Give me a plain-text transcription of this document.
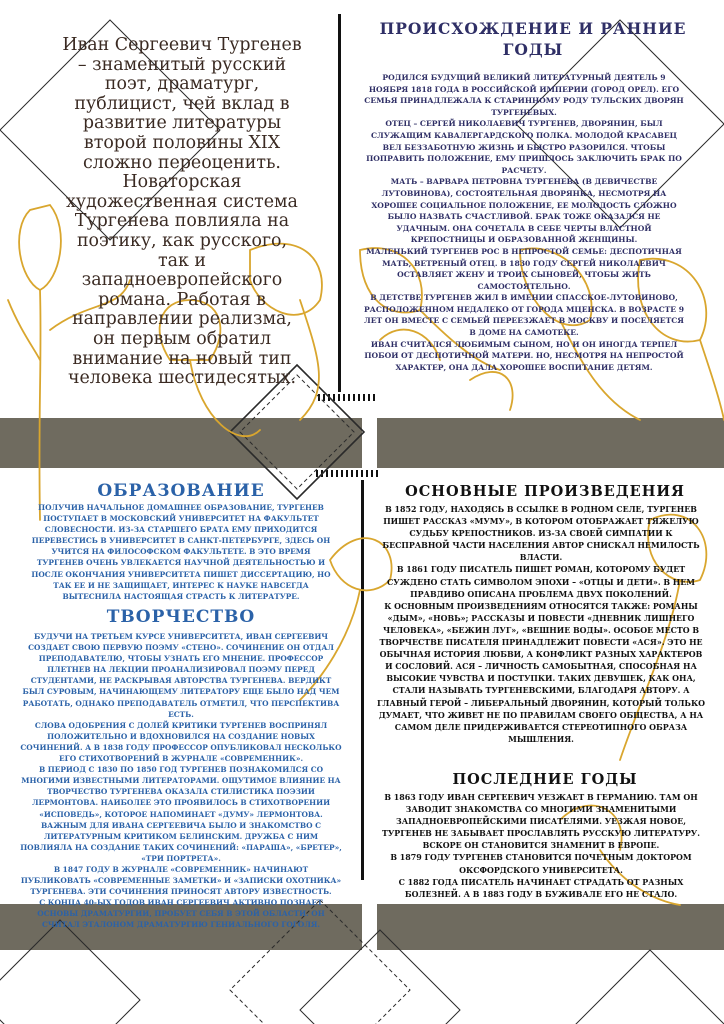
Иван Сергеевич Тургенев – знаменитый русский поэт, драматург, публицист, чей вклад в развитие литературы второй половины XIX сложно переоценить. Новаторская художественная система Тургенева повлияла на поэтику, как русского, так и западноевропейского романа. Работая в направлении реализма, он первым обратил внимание на новый тип человека шестидесятых.
ПРОИСХОЖДЕНИЕ И РАННИЕ ГОДЫ

РОДИЛСЯ БУДУЩИЙ ВЕЛИКИЙ ЛИТЕРАТУРНЫЙ ДЕЯТЕЛЬ 9 НОЯБРЯ 1818 ГОДА В РОССИЙСКОЙ ИМПЕРИИ (ГОРОД ОРЕЛ). ЕГО СЕМЬЯ ПРИНАДЛЕЖАЛА К СТАРИННОМУ РОДУ ТУЛЬСКИХ ДВОРЯН ТУРГЕНЕВЫХ.

ОТЕЦ – СЕРГЕЙ НИКОЛАЕВИЧ ТУРГЕНЕВ, ДВОРЯНИН, БЫЛ СЛУЖАЩИМ КАВАЛЕРГАРДСКОГО ПОЛКА. МОЛОДОЙ КРАСАВЕЦ ВЕЛ БЕЗЗАБОТНУЮ ЖИЗНЬ И БЫСТРО РАЗОРИЛСЯ. ЧТОБЫ ПОПРАВИТЬ ПОЛОЖЕНИЕ, ЕМУ ПРИШЛОСЬ ЗАКЛЮЧИТЬ БРАК ПО РАСЧЕТУ.

МАТЬ – ВАРВАРА ПЕТРОВНА ТУРГЕНЕВА (В ДЕВИЧЕСТВЕ ЛУТОВИНОВА), СОСТОЯТЕЛЬНАЯ ДВОРЯНКА, НЕСМОТРЯ НА ХОРОШЕЕ СОЦИАЛЬНОЕ ПОЛОЖЕНИЕ, ЕЕ МОЛОДОСТЬ СЛОЖНО БЫЛО НАЗВАТЬ СЧАСТЛИВОЙ. БРАК ТОЖЕ ОКАЗАЛСЯ НЕ УДАЧНЫМ. ОНА СОЧЕТАЛА В СЕБЕ ЧЕРТЫ ВЛАСТНОЙ КРЕПОСТНИЦЫ И ОБРАЗОВАННОЙ ЖЕНЩИНЫ.

МАЛЕНЬКИЙ ТУРГЕНЕВ РОС В НЕПРОСТОЙ СЕМЬЕ: ДЕСПОТИЧНАЯ МАТЬ, ВЕТРЕНЫЙ ОТЕЦ. В 1830 ГОДУ СЕРГЕЙ НИКОЛАЕВИЧ ОСТАВЛЯЕТ ЖЕНУ И ТРОИХ СЫНОВЕЙ, ЧТОБЫ ЖИТЬ САМОСТОЯТЕЛЬНО.

В ДЕТСТВЕ ТУРГЕНЕВ ЖИЛ В ИМЕНИИ СПАССКОЕ-ЛУТОВИНОВО, РАСПОЛОЖЕННОМ НЕДАЛЕКО ОТ ГОРОДА МЦЕНСКА. В ВОЗРАСТЕ 9 ЛЕТ ОН ВМЕСТЕ С СЕМЬЕЙ ПЕРЕЕЗЖАЕТ В МОСКВУ И ПОСЕЛЯЕТСЯ В ДОМЕ НА САМОТЕКЕ.

ИВАН СЧИТАЛСЯ ЛЮБИМЫМ СЫНОМ, НО И ОН ИНОГДА ТЕРПЕЛ ПОБОИ ОТ ДЕСПОТИЧНОЙ МАТЕРИ. НО, НЕСМОТРЯ НА НЕПРОСТОЙ ХАРАКТЕР, ОНА ДАЛА ХОРОШЕЕ ВОСПИТАНИЕ ДЕТЯМ.

ОБРАЗОВАНИЕ
ПОЛУЧИВ НАЧАЛЬНОЕ ДОМАШНЕЕ ОБРАЗОВАНИЕ, ТУРГЕНЕВ ПОСТУПАЕТ В МОСКОВСКИЙ УНИВЕРСИТЕТ НА ФАКУЛЬТЕТ СЛОВЕСНОСТИ. ИЗ-ЗА СТАРШЕГО БРАТА ЕМУ ПРИХОДИТСЯ ПЕРЕВЕСТИСЬ В УНИВЕРСИТЕТ В САНКТ-ПЕТЕРБУРГЕ, ЗДЕСЬ ОН УЧИТСЯ НА ФИЛОСОФСКОМ ФАКУЛЬТЕТЕ. В ЭТО ВРЕМЯ ТУРГЕНЕВ ОЧЕНЬ УВЛЕКАЕТСЯ НАУЧНОЙ ДЕЯТЕЛЬНОСТЬЮ И ПОСЛЕ ОКОНЧАНИЯ УНИВЕРСИТЕТА ПИШЕТ ДИССЕРТАЦИЮ, НО ТАК ЕЕ И НЕ ЗАЩИЩАЕТ, ИНТЕРЕС К НАУКЕ НАВСЕГДА ВЫТЕСНИЛА НАСТОЯЩАЯ СТРАСТЬ К ЛИТЕРАТУРЕ.
ТВОРЧЕСТВО

БУДУЧИ НА ТРЕТЬЕМ КУРСЕ УНИВЕРСИТЕТА, ИВАН СЕРГЕЕВИЧ СОЗДАЕТ СВОЮ ПЕРВУЮ ПОЭМУ «СТЕНО». СОЧИНЕНИЕ ОН ОТДАЛ ПРЕПОДАВАТЕЛЮ, ЧТОБЫ УЗНАТЬ ЕГО МНЕНИЕ. ПРОФЕССОР ПЛЕТНЕВ НА ЛЕКЦИИ ПРОАНАЛИЗИРОВАЛ ПОЭМУ ПЕРЕД СТУДЕНТАМИ, НЕ РАСКРЫВАЯ АВТОРСТВА ТУРГЕНЕВА. ВЕРДИКТ БЫЛ СУРОВЫМ, НАЧИНАЮЩЕМУ ЛИТЕРАТОРУ ЕЩЕ БЫЛО НАД ЧЕМ РАБОТАТЬ, ОДНАКО ПРЕПОДАВАТЕЛЬ ОТМЕТИЛ, ЧТО ПЕРСПЕКТИВА ЕСТЬ.

СЛОВА ОДОБРЕНИЯ С ДОЛЕЙ КРИТИКИ ТУРГЕНЕВ ВОСПРИНЯЛ ПОЛОЖИТЕЛЬНО И ВДОХНОВИЛСЯ НА СОЗДАНИЕ НОВЫХ СОЧИНЕНИЙ. А В 1838 ГОДУ ПРОФЕССОР ОПУБЛИКОВАЛ НЕСКОЛЬКО ЕГО СТИХОТВОРЕНИЙ В ЖУРНАЛЕ «СОВРЕМЕННИК».

В ПЕРИОД С 1830 ПО 1850 ГОД ТУРГЕНЕВ ПОЗНАКОМИЛСЯ СО МНОГИМИ ИЗВЕСТНЫМИ ЛИТЕРАТОРАМИ. ОЩУТИМОЕ ВЛИЯНИЕ НА ТВОРЧЕСТВО ТУРГЕНЕВА ОКАЗАЛА СТИЛИСТИКА ПОЭЗИИ ЛЕРМОНТОВА. НАИБОЛЕЕ ЭТО ПРОЯВИЛОСЬ В СТИХОТВОРЕНИИ «ИСПОВЕДЬ», КОТОРОЕ НАПОМИНАЕТ «ДУМУ» ЛЕРМОНТОВА.

ВАЖНЫМ ДЛЯ ИВАНА СЕРГЕЕВИЧА БЫЛО И ЗНАКОМСТВО С ЛИТЕРАТУРНЫМ КРИТИКОМ БЕЛИНСКИМ. ДРУЖБА С НИМ ПОВЛИЯЛА НА СОЗДАНИЕ ТАКИХ СОЧИНЕНИЙ: «ПАРАША», «БРЕТЕР», «ТРИ ПОРТРЕТА».

В 1847 ГОДУ В ЖУРНАЛЕ «СОВРЕМЕННИК» НАЧИНАЮТ ПУБЛИКОВАТЬ «СОВРЕМЕННЫЕ ЗАМЕТКИ» И «ЗАПИСКИ ОХОТНИКА» ТУРГЕНЕВА. ЭТИ СОЧИНЕНИЯ ПРИНОСЯТ АВТОРУ ИЗВЕСТНОСТЬ.

С КОНЦА 40-ЫХ ГОДОВ ИВАН СЕРГЕЕВИЧ АКТИВНО ПОЗНАЕТ ОСНОВЫ ДРАМАТУРГИИ, ПРОБУЕТ СЕБЯ В ЭТОЙ ОБЛАСТИ. ОН СЧИТАЛ ЭТАЛОНОМ ДРАМАТУРГИЮ ГЕНИАЛЬНОГО ГОГОЛЯ.

ОСНОВНЫЕ ПРОИЗВЕДЕНИЯ

В 1852 ГОДУ, НАХОДЯСЬ В ССЫЛКЕ В РОДНОМ СЕЛЕ, ТУРГЕНЕВ ПИШЕТ РАССКАЗ «МУМУ», В КОТОРОМ ОТОБРАЖАЕТ ТЯЖЕЛУЮ СУДЬБУ КРЕПОСТНИКОВ. ИЗ-ЗА СВОЕЙ СИМПАТИИ К БЕСПРАВНОЙ ЧАСТИ НАСЕЛЕНИЯ АВТОР СНИСКАЛ НЕМИЛОСТЬ ВЛАСТИ.

В 1861 ГОДУ ПИСАТЕЛЬ ПИШЕТ РОМАН, КОТОРОМУ БУДЕТ СУЖДЕНО СТАТЬ СИМВОЛОМ ЭПОХИ – «ОТЦЫ И ДЕТИ». В НЕМ ПРАВДИВО ОПИСАНА ПРОБЛЕМА ДВУХ ПОКОЛЕНИЙ.

К ОСНОВНЫМ ПРОИЗВЕДЕНИЯМ ОТНОСЯТСЯ ТАКЖЕ: РОМАНЫ «ДЫМ», «НОВЬ»; РАССКАЗЫ И ПОВЕСТИ «ДНЕВНИК ЛИШНЕГО ЧЕЛОВЕКА», «БЕЖИН ЛУГ», «ВЕШНИЕ ВОДЫ». ОСОБОЕ МЕСТО В ТВОРЧЕСТВЕ ПИСАТЕЛЯ ПРИНАДЛЕЖИТ ПОВЕСТИ «АСЯ». ЭТО НЕ ОБЫЧНАЯ ИСТОРИЯ ЛЮБВИ, А КОНФЛИКТ РАЗНЫХ ХАРАКТЕРОВ И СОСЛОВИЙ. АСЯ – ЛИЧНОСТЬ САМОБЫТНАЯ, СПОСОБНАЯ НА ВЫСОКИЕ ЧУВСТВА И ПОСТУПКИ. ТАКИХ ДЕВУШЕК, КАК ОНА, СТАЛИ НАЗЫВАТЬ ТУРГЕНЕВСКИМИ, БЛАГОДАРЯ АВТОРУ. А ГЛАВНЫЙ ГЕРОЙ – ЛИБЕРАЛЬНЫЙ ДВОРЯНИН, КОТОРЫЙ ТОЛЬКО ДУМАЕТ, ЧТО ЖИВЕТ НЕ ПО ПРАВИЛАМ СВОЕГО ОБЩЕСТВА, А НА САМОМ ДЕЛЕ ПРИДЕРЖИВАЕТСЯ СТЕРЕОТИПНОГО ОБРАЗА МЫШЛЕНИЯ.

ПОСЛЕДНИЕ ГОДЫ

В 1863 ГОДУ ИВАН СЕРГЕЕВИЧ УЕЗЖАЕТ В ГЕРМАНИЮ. ТАМ ОН ЗАВОДИТ ЗНАКОМСТВА СО МНОГИМИ ЗНАМЕНИТЫМИ ЗАПАДНОЕВРОПЕЙСКИМИ ПИСАТЕЛЯМИ. УЕЗЖАЯ НОВОЕ, ТУРГЕНЕВ НЕ ЗАБЫВАЕТ ПРОСЛАВЛЯТЬ РУССКУЮ ЛИТЕРАТУРУ. ВСКОРЕ ОН СТАНОВИТСЯ ЗНАМЕНИТ В ЕВРОПЕ.

В 1879 ГОДУ ТУРГЕНЕВ СТАНОВИТСЯ ПОЧЕТНЫМ ДОКТОРОМ ОКСФОРДСКОГО УНИВЕРСИТЕТА.

С 1882 ГОДА ПИСАТЕЛЬ НАЧИНАЕТ СТРАДАТЬ ОТ РАЗНЫХ БОЛЕЗНЕЙ. А В 1883 ГОДУ В БУЖИВАЛЕ ЕГО НЕ СТАЛО.
